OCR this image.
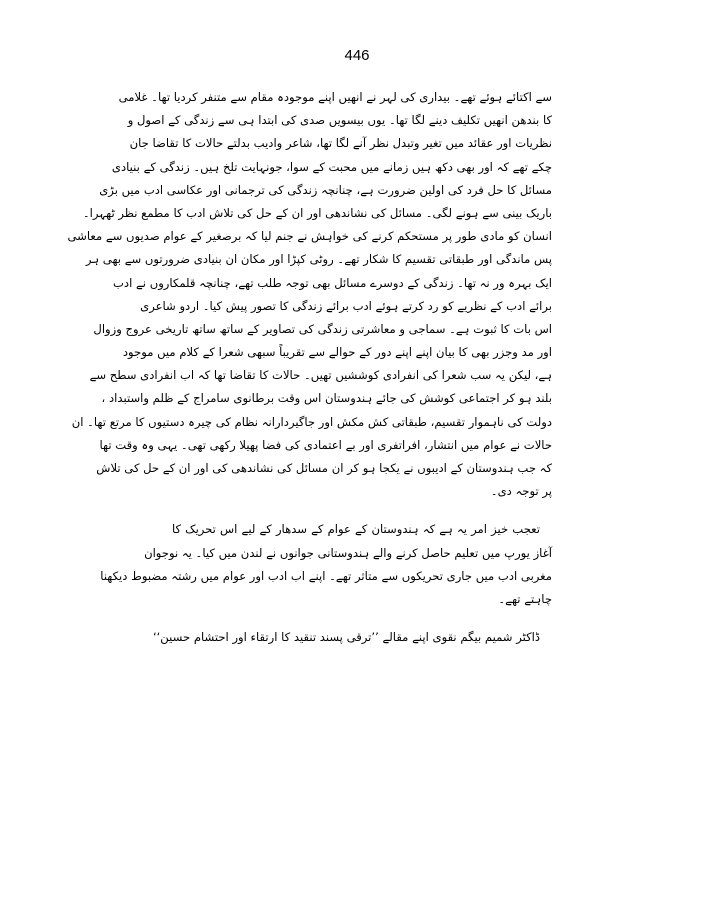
446

سے اکتائے ہوئے تھے۔ بیداری کی لہر نے انھیں اپنے موجودہ مقام سے متنفر کردیا تھا۔ غلامی

کا بندھن انھیں تکلیف دینے لگا تھا۔ یوں بیسویں صدی کی ابتدا ہی سے زندگی کے اصول و

نظریات اور عقائد میں تغیر وتبدل نظر آنے لگا تھا، شاعر وادیب بدلتے حالات کا تقاضا جان

چکے تھے کہ اور بھی دکھ ہیں زمانے میں محبت کے سوا، جونہایت تلخ ہیں۔ زندگی کے بنیادی

مسائل کا حل فرد کی اولین ضرورت ہے، چنانچہ زندگی کی ترجمانی اور عکاسی ادب میں بڑی

باریک بینی سے ہونے لگی۔ مسائل کی نشاندھی اور ان کے حل کی تلاش ادب کا مطمع نظر ٹھہرا۔

انسان کو مادی طور پر مستحکم کرنے کی خواہش نے جنم لیا کہ برصغیر کے عوام صدیوں سے معاشی

پس ماندگی اور طبقاتی تقسیم کا شکار تھے۔ روٹی کپڑا اور مکان ان بنیادی ضرورتوں سے بھی ہر

ایک بہرہ ور نہ تھا۔ زندگی کے دوسرے مسائل بھی توجہ طلب تھے، چنانچہ قلمکاروں نے ادب

برائے ادب کے نظریے کو رد کرتے ہوئے ادب برائے زندگی کا تصور پیش کیا۔ اردو شاعری

اس بات کا ثبوت ہے۔ سماجی و معاشرتی زندگی کی تصاویر کے ساتھ ساتھ تاریخی عروج وزوال

اور مد وجزر بھی کا بیان اپنے اپنے دور کے حوالے سے تقریباً سبھی شعرا کے کلام میں موجود

ہے، لیکن یہ سب شعرا کی انفرادی کوششیں تھیں۔ حالات کا تقاضا تھا کہ اب انفرادی سطح سے

بلند ہو کر اجتماعی کوشش کی جائے ہندوستان اس وقت برطانوی سامراج کے ظلم واستبداد ،

دولت کی ناہموار تقسیم، طبقاتی کش مکش اور جاگیردارانہ نظام کی چیرہ دستیوں کا مرتع تھا۔ ان

حالات نے عوام میں انتشار، افراتفری اور بے اعتمادی کی فضا پھیلا رکھی تھی۔ یہی وہ وقت تھا

کہ جب ہندوستان کے ادیبوں نے یکجا ہو کر ان مسائل کی نشاندھی کی اور ان کے حل کی تلاش

پر توجہ دی۔

تعجب خیز امر یہ ہے کہ ہندوستان کے عوام کے سدھار کے لیے اس تحریک کا

آغاز یورپ میں تعلیم حاصل کرنے والے ہندوستانی جوانوں نے لندن میں کیا۔ یہ نوجوان

مغربی ادب میں جاری تحریکوں سے متاثر تھے۔ اپنے اب ادب اور عوام میں رشتہ مضبوط دیکھنا

چاہتے تھے۔

ڈاکٹر شمیم بیگم نقوی اپنے مقالے ’’ترقی پسند تنقید کا ارتقاء اور احتشام حسین‘‘
